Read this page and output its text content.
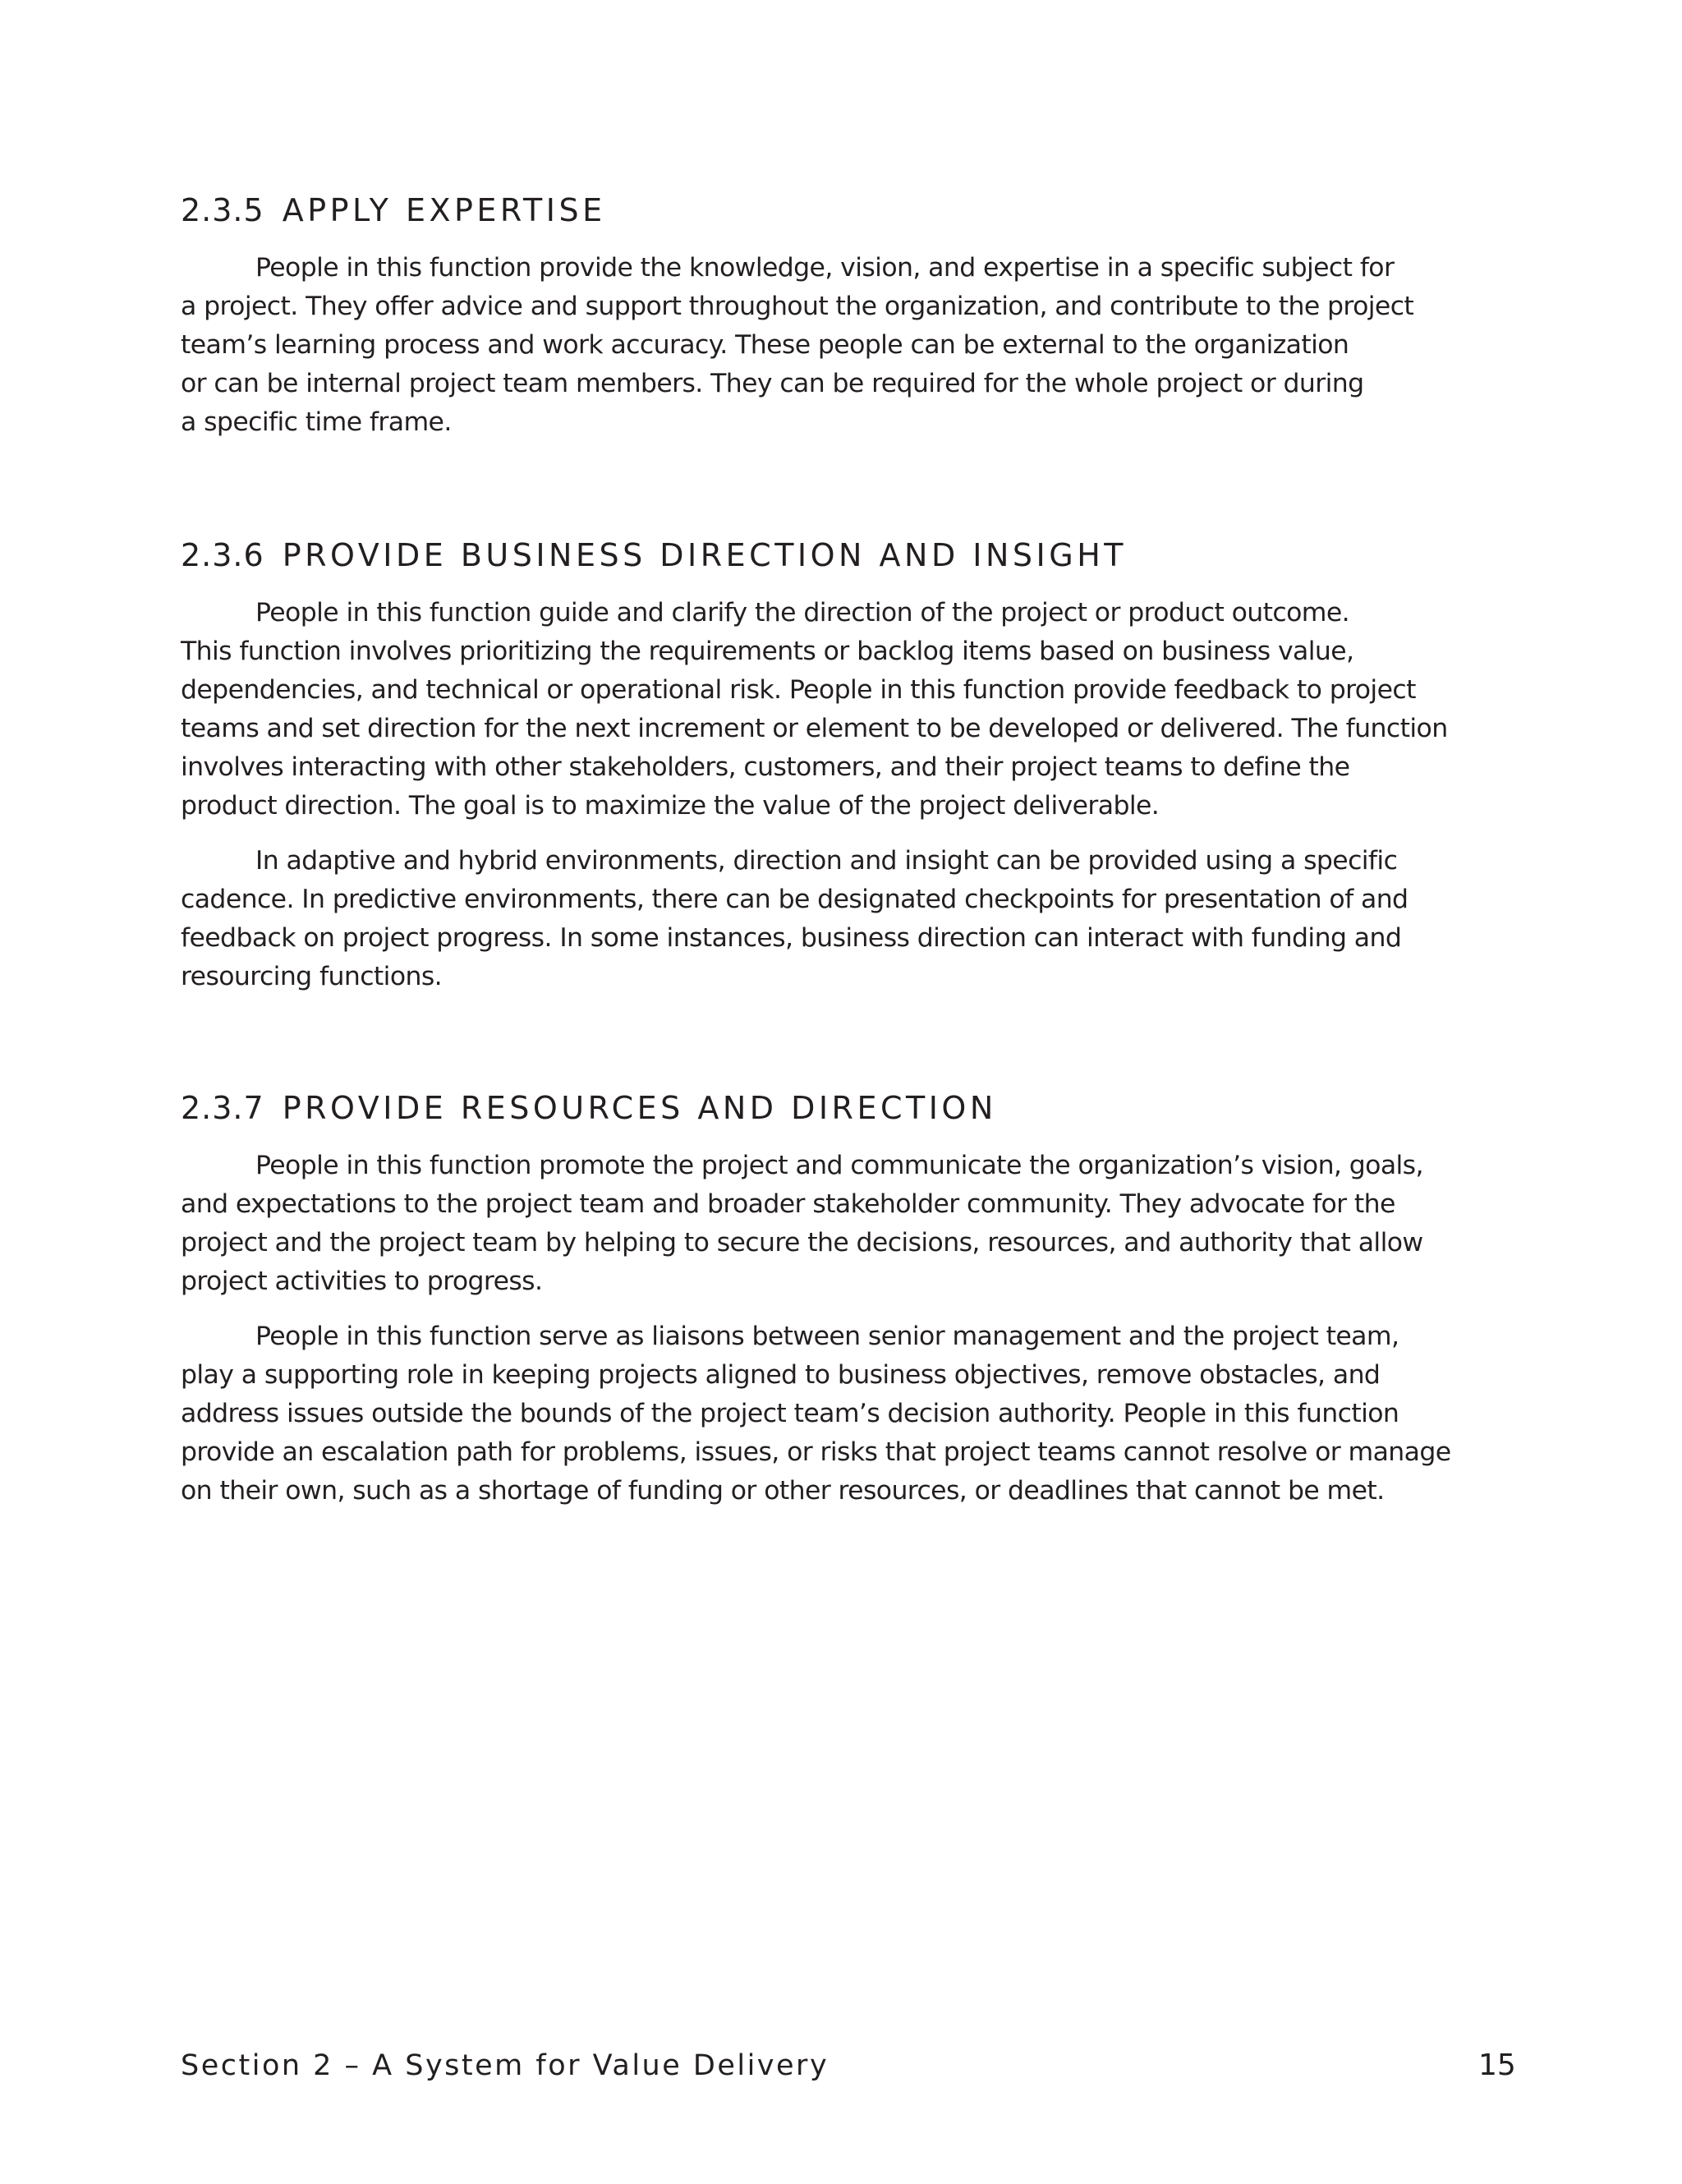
2.3.5 APPLY EXPERTISE

People in this function provide the knowledge, vision, and expertise in a specific subject for
a project. They offer advice and support throughout the organization, and contribute to the project
team’s learning process and work accuracy. These people can be external to the organization
or can be internal project team members. They can be required for the whole project or during
a specific time frame.

2.3.6 PROVIDE BUSINESS DIRECTION AND INSIGHT

People in this function guide and clarify the direction of the project or product outcome.
This function involves prioritizing the requirements or backlog items based on business value,
dependencies, and technical or operational risk. People in this function provide feedback to project
teams and set direction for the next increment or element to be developed or delivered. The function
involves interacting with other stakeholders, customers, and their project teams to define the
product direction. The goal is to maximize the value of the project deliverable.

In adaptive and hybrid environments, direction and insight can be provided using a specific
cadence. In predictive environments, there can be designated checkpoints for presentation of and
feedback on project progress. In some instances, business direction can interact with funding and
resourcing functions.

2.3.7 PROVIDE RESOURCES AND DIRECTION

People in this function promote the project and communicate the organization’s vision, goals,
and expectations to the project team and broader stakeholder community. They advocate for the
project and the project team by helping to secure the decisions, resources, and authority that allow
project activities to progress.

People in this function serve as liaisons between senior management and the project team,
play a supporting role in keeping projects aligned to business objectives, remove obstacles, and
address issues outside the bounds of the project team’s decision authority. People in this function
provide an escalation path for problems, issues, or risks that project teams cannot resolve or manage
on their own, such as a shortage of funding or other resources, or deadlines that cannot be met.

Section 2 – A System for Value Delivery	15
